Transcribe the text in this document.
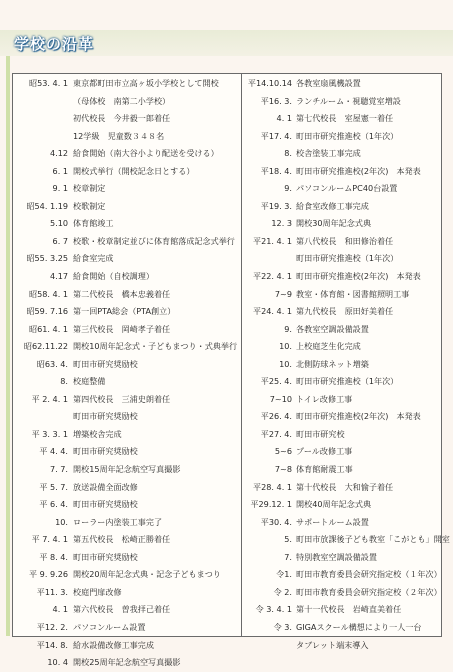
学校の沿革
昭53. 4. 1 東京都町田市立高ヶ坂小学校として開校
（母体校　南第二小学校）
初代校長　今井毅一郎着任
12学級　児童数３４８名
4.12 給食開始（南大谷小より配送を受ける）
6. 1 開校式挙行（開校記念日とする）
9. 1 校章制定
昭54. 1.19 校歌制定
5.10 体育館竣工
6. 7 校歌・校章制定並びに体育館落成記念式挙行
昭55. 3.25 給食室完成
4.17 給食開始（自校調理）
昭58. 4. 1 第二代校長　橋本忠義着任
昭59. 7.16 第一回PTA総会（PTA創立）
昭61. 4. 1 第三代校長　岡崎孝子着任
昭62.11.22 開校10周年記念式・子どもまつり・式典挙行
昭63. 4. 町田市研究奨励校
8. 校庭整備
平 2. 4. 1 第四代校長　三浦史朗着任
町田市研究奨励校
平 3. 3. 1 増築校舎完成
平 4. 4. 町田市研究奨励校
7. 7. 開校15周年記念航空写真撮影
平 5. 7. 放送設備全面改修
平 6. 4. 町田市研究奨励校
10. ローラー内塗装工事完了
平 7. 4. 1 第五代校長　松崎正勝着任
平 8. 4. 町田市研究奨励校
平 9. 9.26 開校20周年記念式典・記念子どもまつり
平11. 3. 校庭門扉改修
4. 1 第六代校長　曽我拝己着任
平12. 2. パソコンルーム設置
平14. 8. 給水設備改修工事完成
10. 4 開校25周年記念航空写真撮影
平14.10.14 各教室扇風機設置
平16. 3. ランチルーム・視聴覚室増設
4. 1 第七代校長　室屋憲一着任
平17. 4. 町田市研究推進校（1年次）
8. 校舎塗装工事完成
平18. 4. 町田市研究推進校(2年次)　本発表
9. パソコンルームPC40台設置
平19. 3. 給食室改修工事完成
12. 3 開校30周年記念式典
平21. 4. 1 第八代校長　和田修治着任
町田市研究推進校（1年次）
平22. 4. 1 町田市研究推進校(2年次)　本発表
7~9 教室・体育館・図書館照明工事
平24. 4. 1 第九代校長　原田好美着任
9. 各教室空調設備設置
10. 上校庭芝生化完成
10. 北側防球ネット増築
平25. 4. 町田市研究推進校（1年次）
7~10 トイレ改修工事
平26. 4. 町田市研究推進校(2年次)　本発表
平27. 4. 町田市研究校
5~6 プール改修工事
7~8 体育館耐震工事
平28. 4. 1 第十代校長　大和愉子着任
平29.12. 1 開校40周年記念式典
平30. 4. サポートルーム設置
5. 町田市放課後子ども教室「こがとも」開室
7. 特別教室空調設備設置
令1. 町田市教育委員会研究指定校（１年次）
令 2. 町田市教育委員会研究指定校（２年次）
令 3. 4. 1 第十一代校長　岩崎直美着任
令 3. GIGAスクール構想により一人一台
タブレット端末導入
